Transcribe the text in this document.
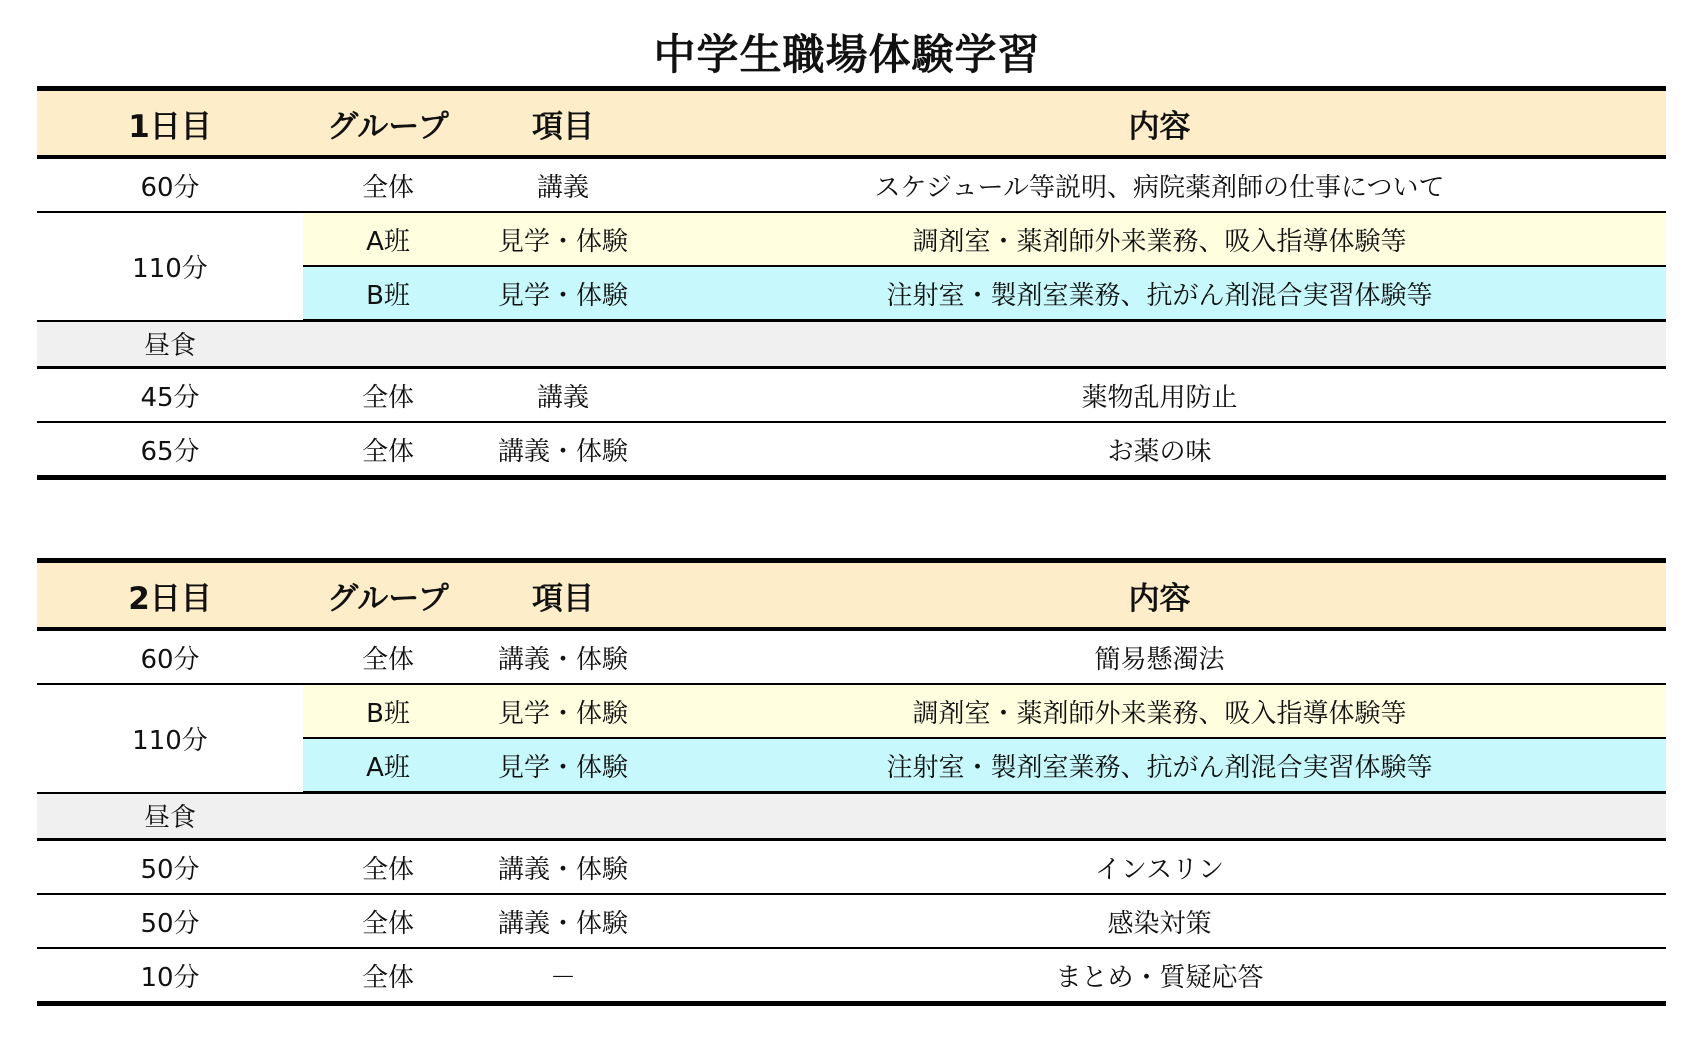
中学生職場体験学習
1日目	グループ	項目	内容
60分	全体	講義	スケジュール等説明、病院薬剤師の仕事について
110分	A班	見学・体験	調剤室・薬剤師外来業務、吸入指導体験等
	B班	見学・体験	注射室・製剤室業務、抗がん剤混合実習体験等
昼食			
45分	全体	講義	薬物乱用防止
65分	全体	講義・体験	お薬の味
2日目	グループ	項目	内容
60分	全体	講義・体験	簡易懸濁法
110分	B班	見学・体験	調剤室・薬剤師外来業務、吸入指導体験等
	A班	見学・体験	注射室・製剤室業務、抗がん剤混合実習体験等
昼食			
50分	全体	講義・体験	インスリン
50分	全体	講義・体験	感染対策
10分	全体	－	まとめ・質疑応答
